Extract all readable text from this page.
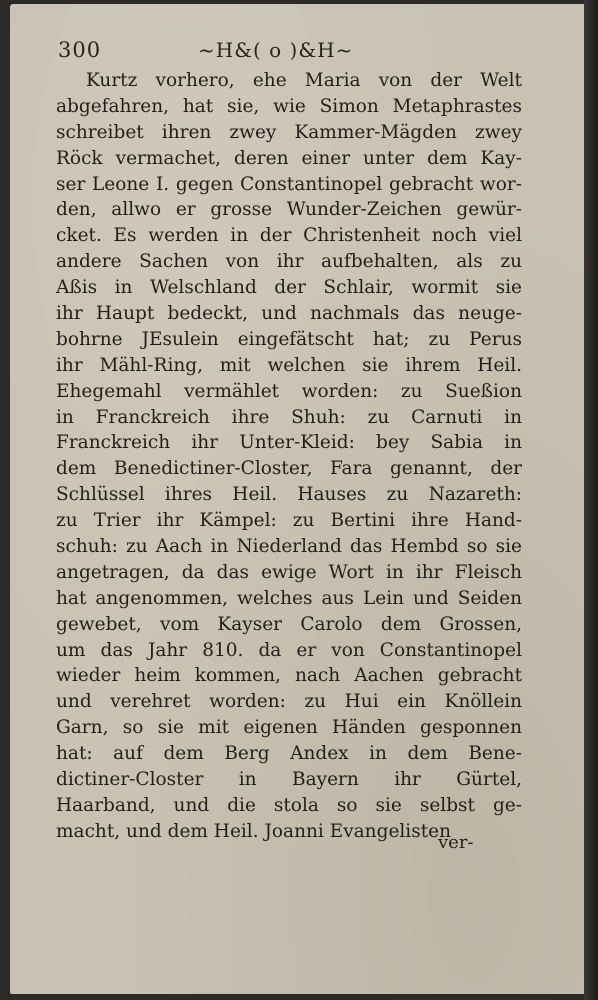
300	~H&( o )&H~
Kurtz vorhero, ehe Maria von der Welt
abgefahren, hat sie, wie Simon Metaphrastes
schreibet ihren zwey Kammer-Mägden zwey
Röck vermachet, deren einer unter dem Kay-
ser Leone I. gegen Constantinopel gebracht wor-
den, allwo er grosse Wunder-Zeichen gewür-
cket. Es werden in der Christenheit noch viel
andere Sachen von ihr aufbehalten, als zu
Aßis in Welschland der Schlair, wormit sie
ihr Haupt bedeckt, und nachmals das neuge-
bohrne JEsulein eingefätscht hat; zu Perus
ihr Mähl-Ring, mit welchen sie ihrem Heil.
Ehegemahl vermählet worden: zu Sueßion
in Franckreich ihre Shuh: zu Carnuti in
Franckreich ihr Unter-Kleid: bey Sabia in
dem Benedictiner-Closter, Fara genannt, der
Schlüssel ihres Heil. Hauses zu Nazareth:
zu Trier ihr Kämpel: zu Bertini ihre Hand-
schuh: zu Aach in Niederland das Hembd so sie
angetragen, da das ewige Wort in ihr Fleisch
hat angenommen, welches aus Lein und Seiden
gewebet, vom Kayser Carolo dem Grossen,
um das Jahr 810. da er von Constantinopel
wieder heim kommen, nach Aachen gebracht
und verehret worden: zu Hui ein Knöllein
Garn, so sie mit eigenen Händen gesponnen
hat: auf dem Berg Andex in dem Bene-
dictiner-Closter in Bayern ihr Gürtel,
Haarband, und die stola so sie selbst ge-
macht, und dem Heil. Joanni Evangelisten
ver-
